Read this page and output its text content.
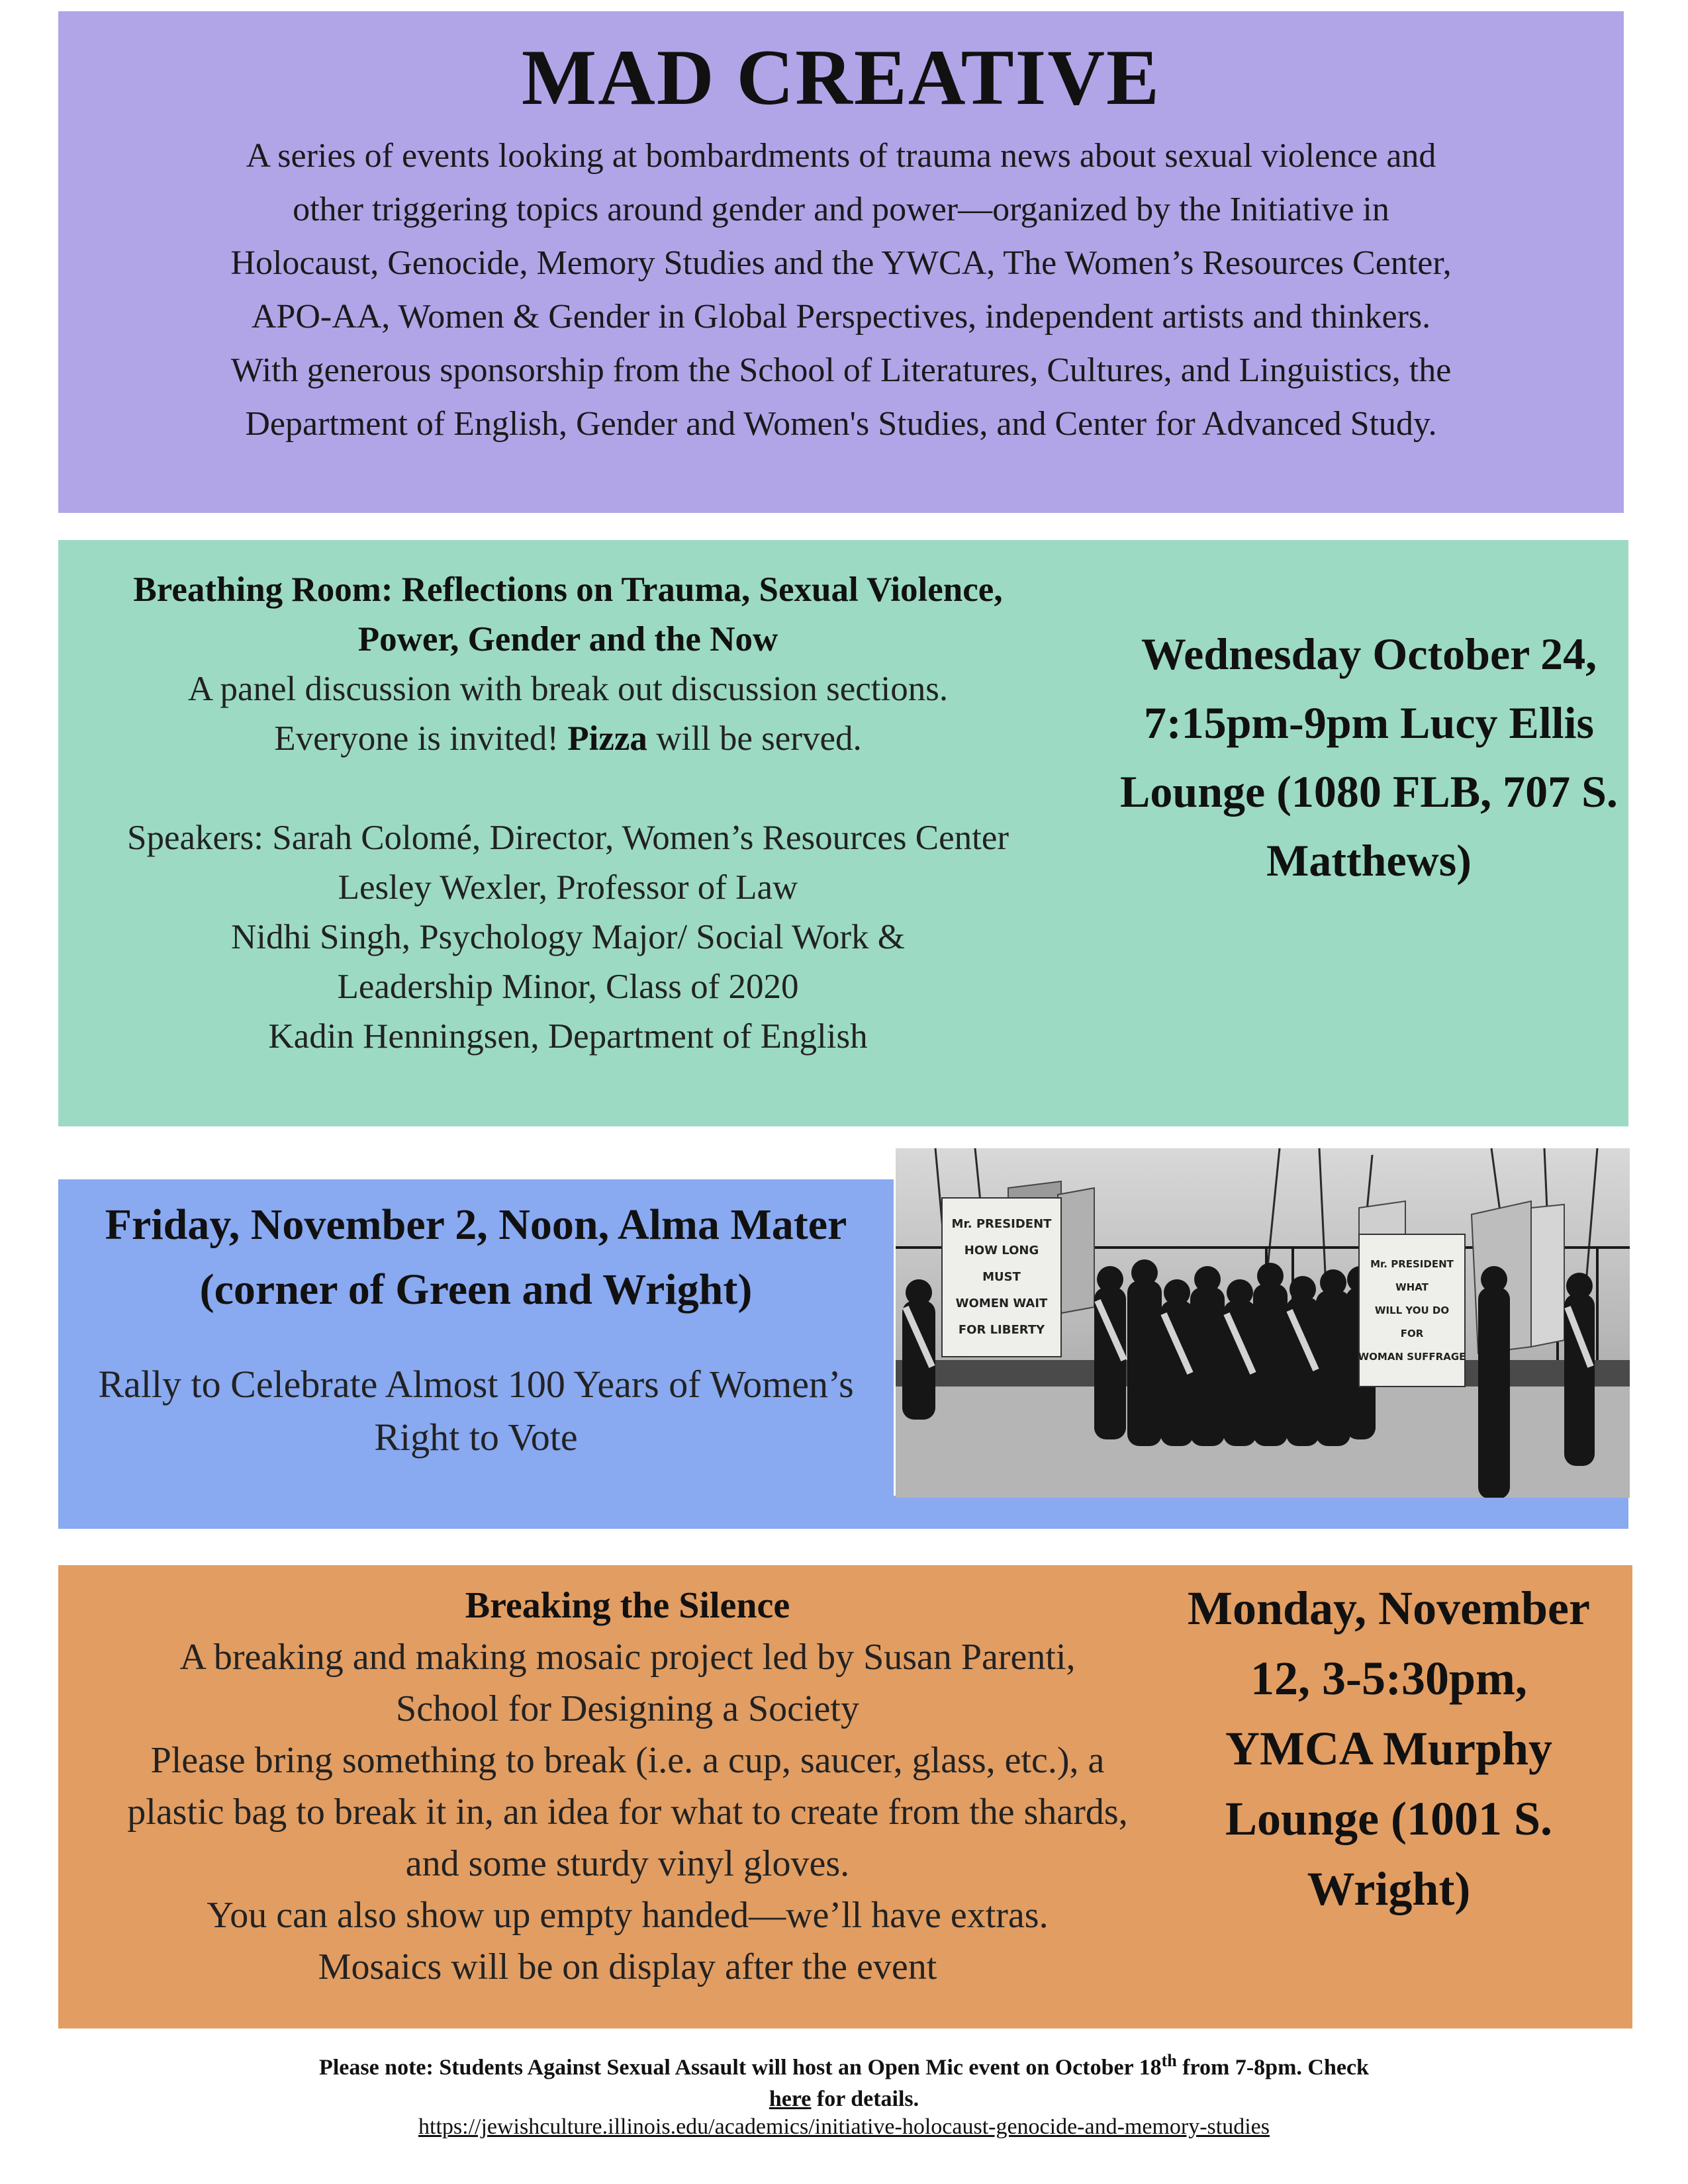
MAD CREATIVE
A series of events looking at bombardments of trauma news about sexual violence and other triggering topics around gender and power—organized by the Initiative in Holocaust, Genocide, Memory Studies and the YWCA, The Women’s Resources Center, APO-AA, Women & Gender in Global Perspectives, independent artists and thinkers. With generous sponsorship from the School of Literatures, Cultures, and Linguistics, the Department of English, Gender and Women's Studies, and Center for Advanced Study.

Breathing Room: Reflections on Trauma, Sexual Violence, Power, Gender and the Now

A panel discussion with break out discussion sections.
Everyone is invited! Pizza will be served.

Speakers: Sarah Colomé, Director, Women’s Resources Center

Lesley Wexler, Professor of Law

Nidhi Singh, Psychology Major/ Social Work & Leadership Minor, Class of 2020

Kadin Henningsen, Department of English

Wednesday October 24, 7:15pm-9pm Lucy Ellis Lounge (1080 FLB, 707 S. Matthews)
Friday, November 2, Noon, Alma Mater (corner of Green and Wright)
Rally to Celebrate Almost 100 Years of Women’s Right to Vote
Mr. PRESIDENT
HOW LONG
MUST
WOMEN WAIT
FOR LIBERTY
Mr. PRESIDENT
WHAT
WILL YOU DO
FOR
WOMAN SUFFRAGE

Breaking the Silence

A breaking and making mosaic project led by Susan Parenti, School for Designing a Society

Please bring something to break (i.e. a cup, saucer, glass, etc.), a plastic bag to break it in, an idea for what to create from the shards, and some sturdy vinyl gloves.

You can also show up empty handed—we’ll have extras.

Mosaics will be on display after the event

Monday, November 12, 3-5:30pm, YMCA Murphy Lounge (1001 S. Wright)
Please note: Students Against Sexual Assault will host an Open Mic event on October 18th from 7-8pm. Check
here for details.
https://jewishculture.illinois.edu/academics/initiative-holocaust-genocide-and-memory-studies
